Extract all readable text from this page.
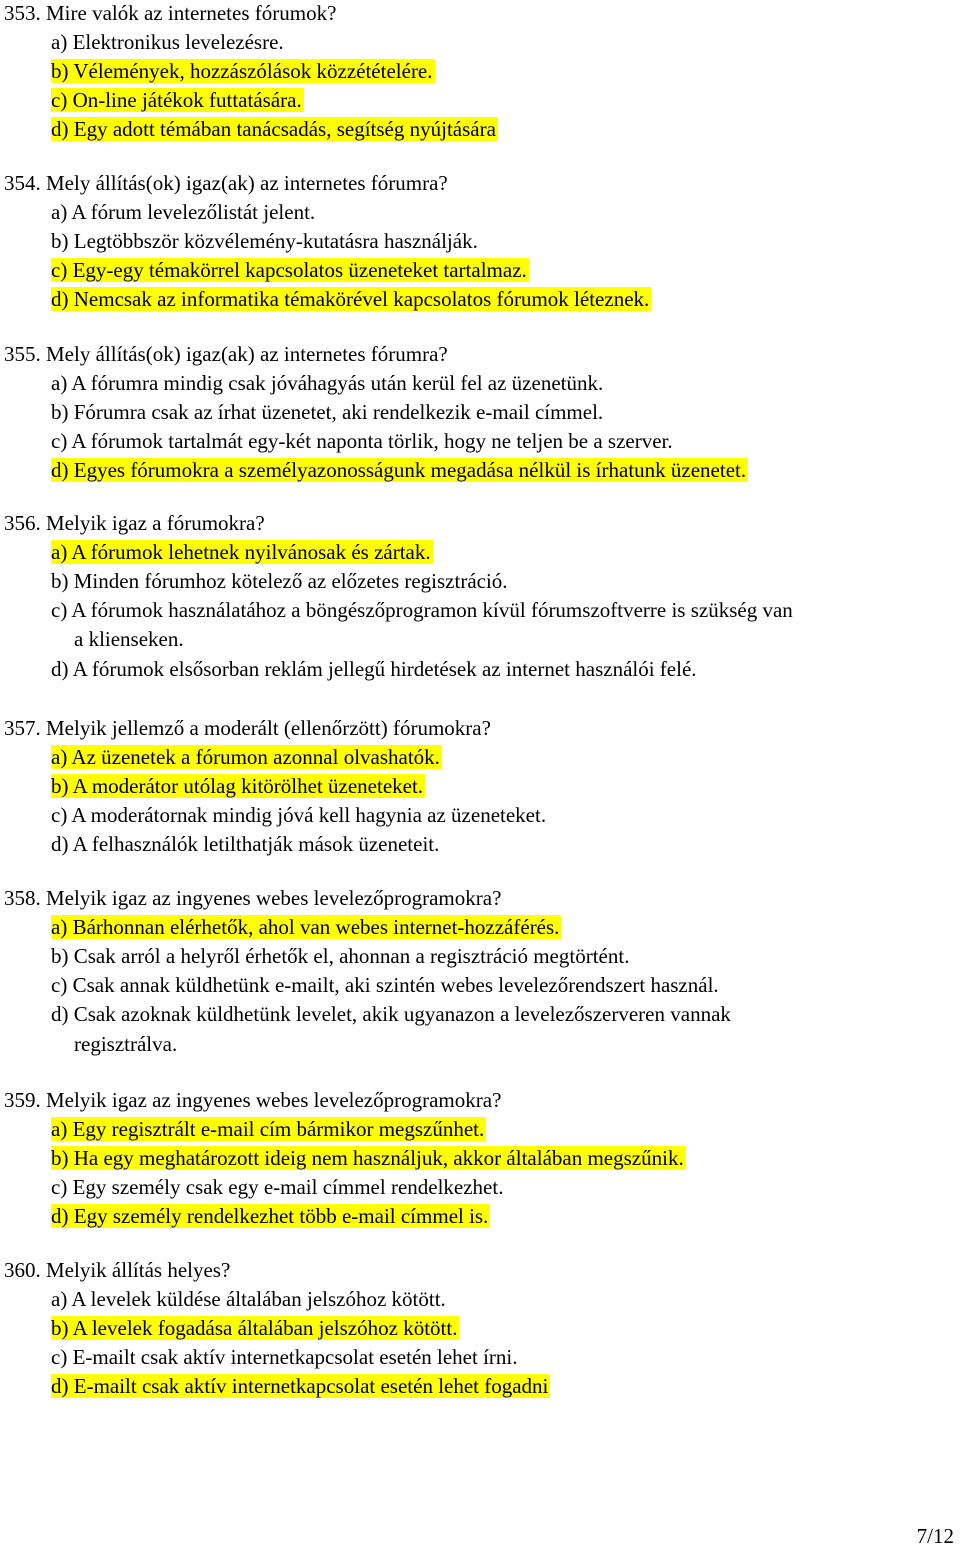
353. Mire valók az internetes fórumok?
a) Elektronikus levelezésre.
b) Vélemények, hozzászólások közzétételére.
c) On-line játékok futtatására.
d) Egy adott témában tanácsadás, segítség nyújtására
354. Mely állítás(ok) igaz(ak) az internetes fórumra?
a) A fórum levelezőlistát jelent.
b) Legtöbbször közvélemény-kutatásra használják.
c) Egy-egy témakörrel kapcsolatos üzeneteket tartalmaz.
d) Nemcsak az informatika témakörével kapcsolatos fórumok léteznek.
355. Mely állítás(ok) igaz(ak) az internetes fórumra?
a) A fórumra mindig csak jóváhagyás után kerül fel az üzenetünk.
b) Fórumra csak az írhat üzenetet, aki rendelkezik e-mail címmel.
c) A fórumok tartalmát egy-két naponta törlik, hogy ne teljen be a szerver.
d) Egyes fórumokra a személyazonosságunk megadása nélkül is írhatunk üzenetet.
356. Melyik igaz a fórumokra?
a) A fórumok lehetnek nyilvánosak és zártak.
b) Minden fórumhoz kötelező az előzetes regisztráció.
c) A fórumok használatához a böngészőprogramon kívül fórumszoftverre is szükség van
a klienseken.
d) A fórumok elsősorban reklám jellegű hirdetések az internet használói felé.
357. Melyik jellemző a moderált (ellenőrzött) fórumokra?
a) Az üzenetek a fórumon azonnal olvashatók.
b) A moderátor utólag kitörölhet üzeneteket.
c) A moderátornak mindig jóvá kell hagynia az üzeneteket.
d) A felhasználók letilthatják mások üzeneteit.
358. Melyik igaz az ingyenes webes levelezőprogramokra?
a) Bárhonnan elérhetők, ahol van webes internet-hozzáférés.
b) Csak arról a helyről érhetők el, ahonnan a regisztráció megtörtént.
c) Csak annak küldhetünk e-mailt, aki szintén webes levelezőrendszert használ.
d) Csak azoknak küldhetünk levelet, akik ugyanazon a levelezőszerveren vannak
regisztrálva.
359. Melyik igaz az ingyenes webes levelezőprogramokra?
a) Egy regisztrált e-mail cím bármikor megszűnhet.
b) Ha egy meghatározott ideig nem használjuk, akkor általában megszűnik.
c) Egy személy csak egy e-mail címmel rendelkezhet.
d) Egy személy rendelkezhet több e-mail címmel is.
360. Melyik állítás helyes?
a) A levelek küldése általában jelszóhoz kötött.
b) A levelek fogadása általában jelszóhoz kötött.
c) E-mailt csak aktív internetkapcsolat esetén lehet írni.
d) E-mailt csak aktív internetkapcsolat esetén lehet fogadni
7/12
